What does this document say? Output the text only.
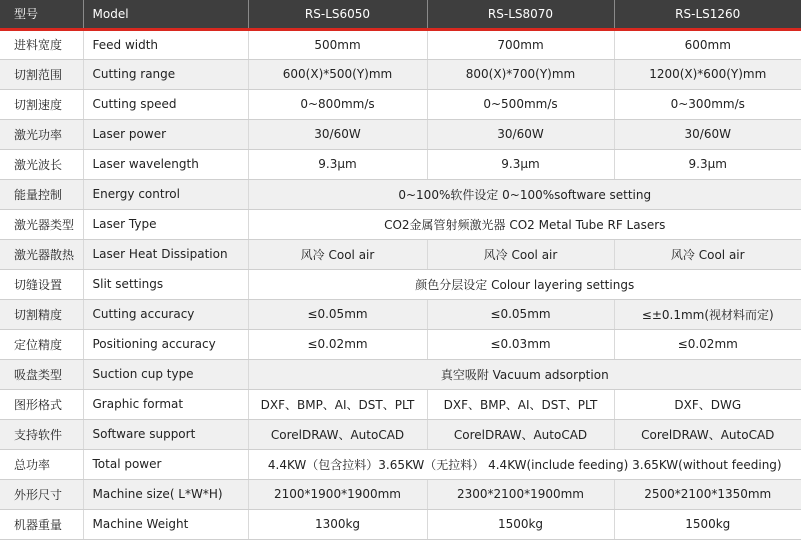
型号	Model	RS-LS6050	RS-LS8070	RS-LS1260
进料宽度	Feed width	500mm	700mm	600mm
切割范围	Cutting range	600(X)*500(Y)mm	800(X)*700(Y)mm	1200(X)*600(Y)mm
切割速度	Cutting speed	0~800mm/s	0~500mm/s	0~300mm/s
激光功率	Laser power	30/60W	30/60W	30/60W
激光波长	Laser wavelength	9.3μm	9.3μm	9.3μm
能量控制	Energy control	0~100%软件设定 0~100%software setting		
激光器类型	Laser Type	CO2金属管射频激光器 CO2 Metal Tube RF Lasers		
激光器散热	Laser Heat Dissipation	风冷 Cool air	风冷 Cool air	风冷 Cool air
切缝设置	Slit settings	颜色分层设定 Colour layering settings		
切割精度	Cutting accuracy	≤0.05mm	≤0.05mm	≤±0.1mm(视材料而定)
定位精度	Positioning accuracy	≤0.02mm	≤0.03mm	≤0.02mm
吸盘类型	Suction cup type	真空吸附 Vacuum adsorption		
图形格式	Graphic format	DXF、BMP、AI、DST、PLT	DXF、BMP、AI、DST、PLT	DXF、DWG
支持软件	Software support	CorelDRAW、AutoCAD	CorelDRAW、AutoCAD	CorelDRAW、AutoCAD
总功率	Total power	4.4KW（包含拉料）3.65KW（无拉料） 4.4KW(include feeding) 3.65KW(without feeding)		
外形尺寸	Machine size( L*W*H)	2100*1900*1900mm	2300*2100*1900mm	2500*2100*1350mm
机器重量	Machine Weight	1300kg	1500kg	1500kg
